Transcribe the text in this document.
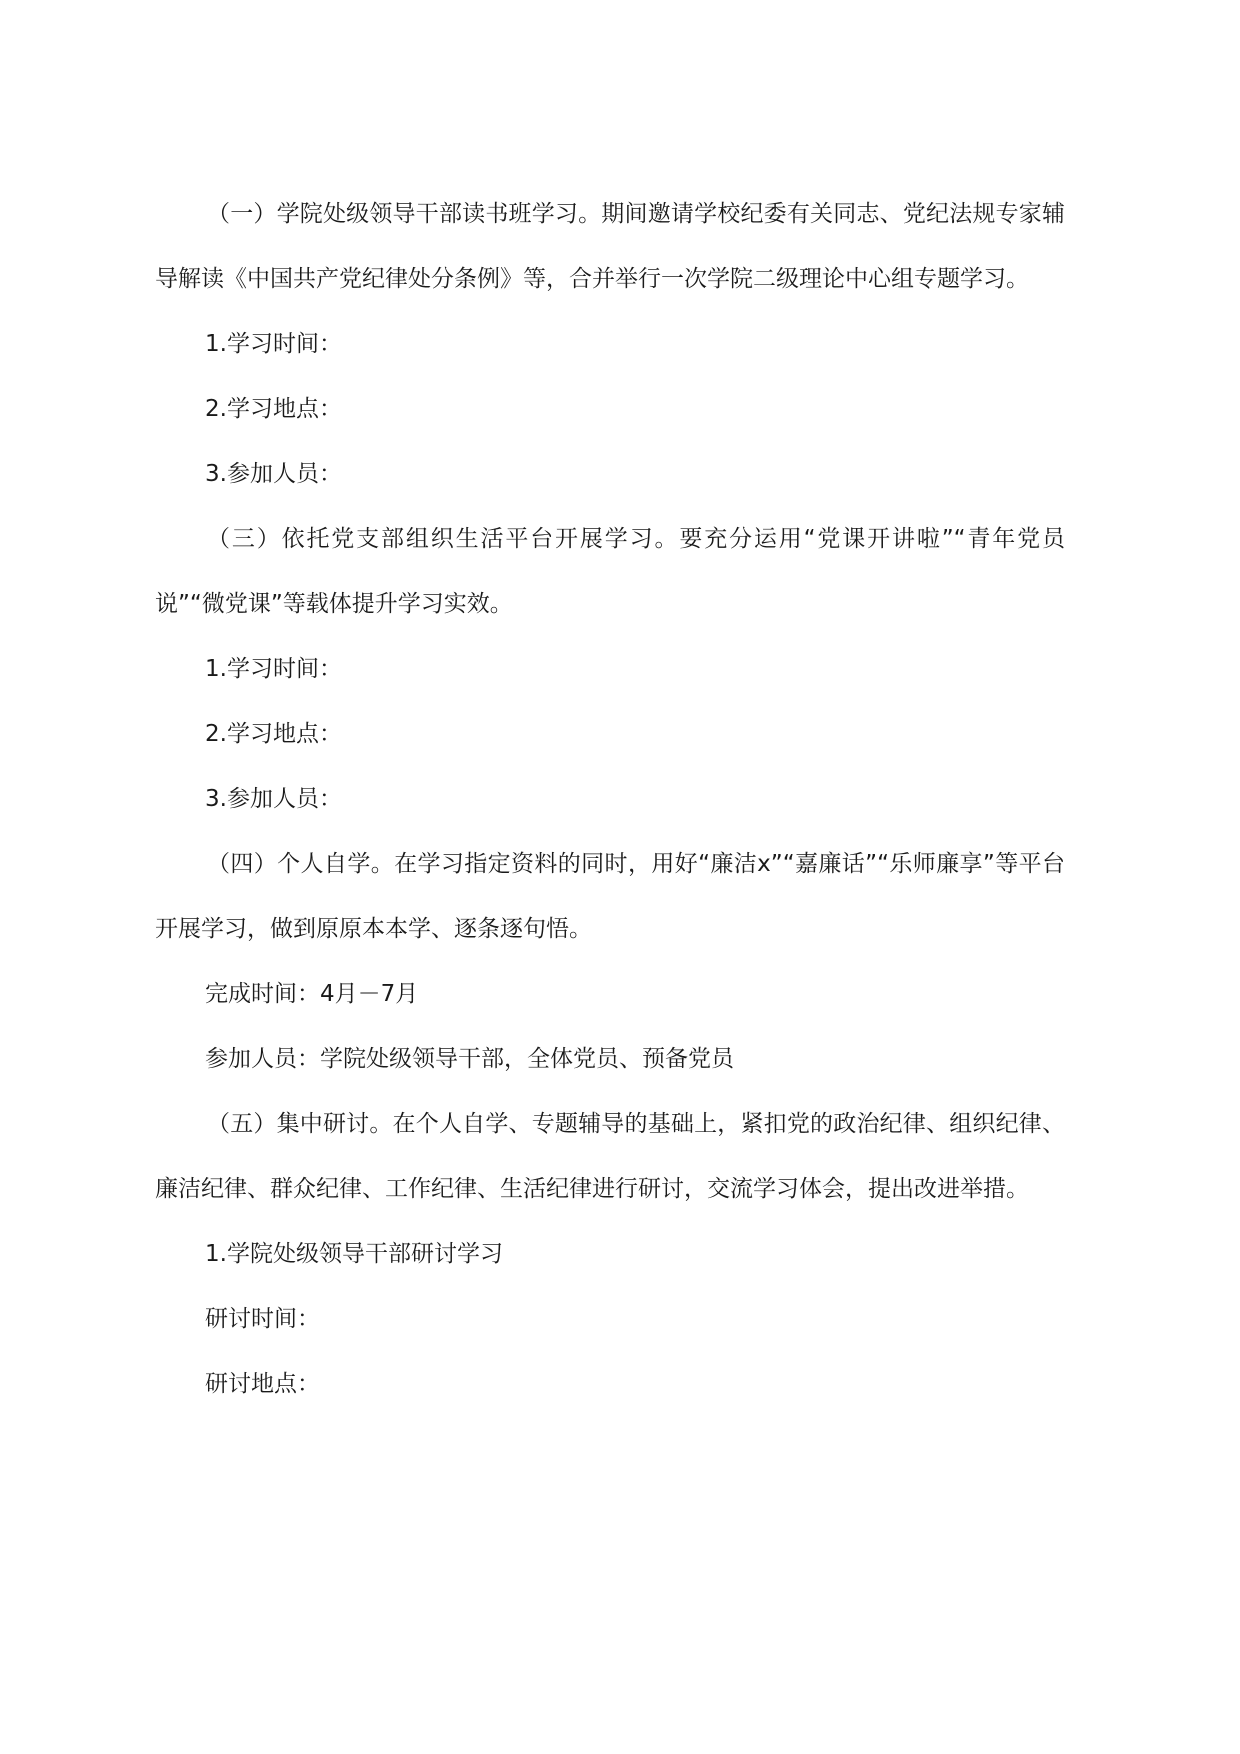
（一）学院处级领导干部读书班学习。期间邀请学校纪委有关同志、党纪法规专家辅导解读《中国共产党纪律处分条例》等，合并举行一次学院二级理论中心组专题学习。

1.学习时间：

2.学习地点：

3.参加人员：

（三）依托党支部组织生活平台开展学习。要充分运用“党课开讲啦”“青年党员说”“微党课”等载体提升学习实效。

1.学习时间：

2.学习地点：

3.参加人员：

（四）个人自学。在学习指定资料的同时，用好“廉洁x”“嘉廉话”“乐师廉享”等平台开展学习，做到原原本本学、逐条逐句悟。

完成时间：4月－7月

参加人员：学院处级领导干部，全体党员、预备党员

（五）集中研讨。在个人自学、专题辅导的基础上，紧扣党的政治纪律、组织纪律、廉洁纪律、群众纪律、工作纪律、生活纪律进行研讨，交流学习体会，提出改进举措。

1.学院处级领导干部研讨学习

研讨时间：

研讨地点：
